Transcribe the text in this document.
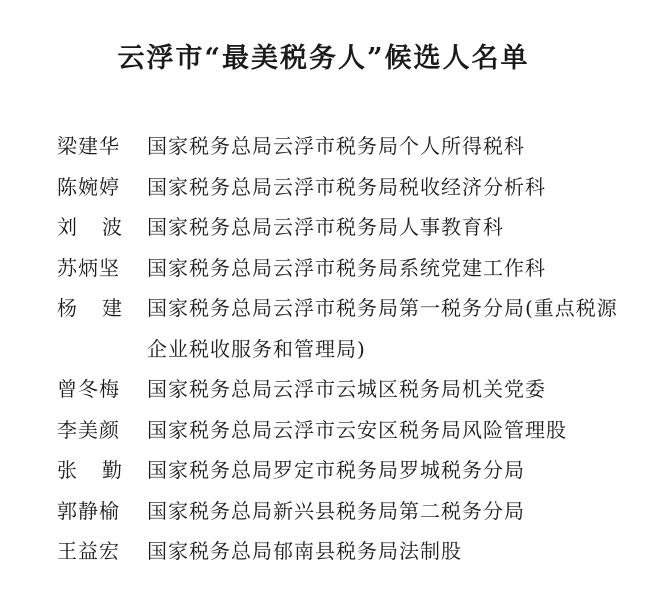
云浮市“最美税务人”候选人名单
梁建华 国家税务总局云浮市税务局个人所得税科
陈婉婷 国家税务总局云浮市税务局税收经济分析科
刘 波 国家税务总局云浮市税务局人事教育科
苏炳坚 国家税务总局云浮市税务局系统党建工作科
杨 建 国家税务总局云浮市税务局第一税务分局(重点税源企业税收服务和管理局)
曾冬梅 国家税务总局云浮市云城区税务局机关党委
李美颜 国家税务总局云浮市云安区税务局风险管理股
张 勤 国家税务总局罗定市税务局罗城税务分局
郭静榆 国家税务总局新兴县税务局第二税务分局
王益宏 国家税务总局郁南县税务局法制股
